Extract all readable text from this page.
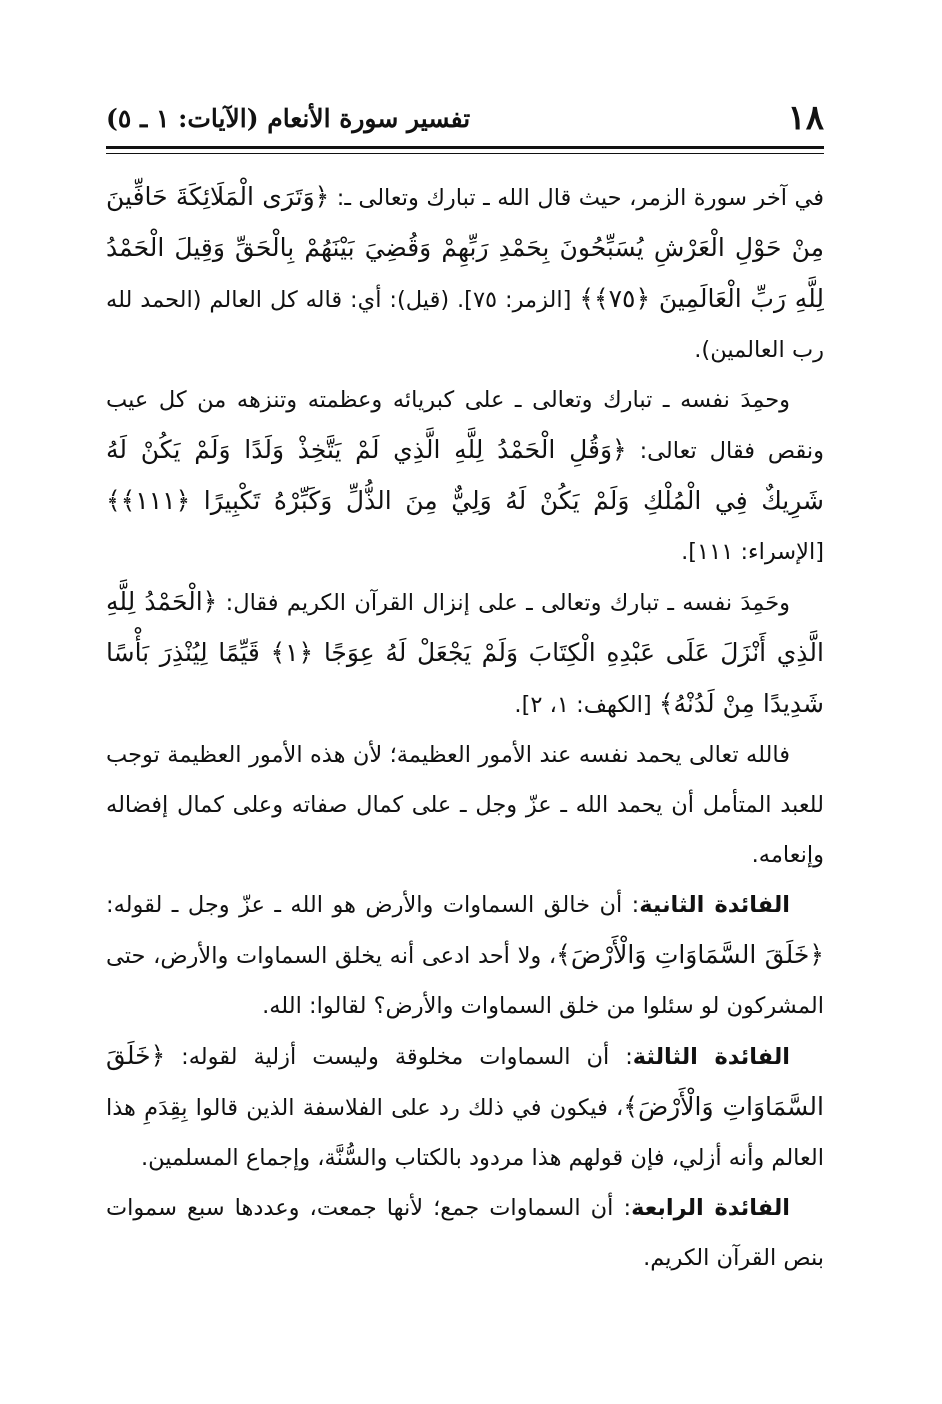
١٨
تفسير سورة الأنعام (الآيات: ١ ـ ٥)

في آخر سورة الزمر، حيث قال الله ـ تبارك وتعالى ـ: ﴿وَتَرَى الْمَلَائِكَةَ حَافِّينَ مِنْ حَوْلِ الْعَرْشِ يُسَبِّحُونَ بِحَمْدِ رَبِّهِمْ وَقُضِيَ بَيْنَهُمْ بِالْحَقِّ وَقِيلَ الْحَمْدُ لِلَّهِ رَبِّ الْعَالَمِينَ ﴿٧٥﴾﴾ [الزمر: ٧٥]. (قيل): أي: قاله كل العالم (الحمد لله رب العالمين).

وحمِدَ نفسه ـ تبارك وتعالى ـ على كبريائه وعظمته وتنزهه من كل عيب ونقص فقال تعالى: ﴿وَقُلِ الْحَمْدُ لِلَّهِ الَّذِي لَمْ يَتَّخِذْ وَلَدًا وَلَمْ يَكُنْ لَهُ شَرِيكٌ فِي الْمُلْكِ وَلَمْ يَكُنْ لَهُ وَلِيٌّ مِنَ الذُّلِّ وَكَبِّرْهُ تَكْبِيرًا ﴿١١١﴾﴾ [الإسراء: ١١١].

وحَمِدَ نفسه ـ تبارك وتعالى ـ على إنزال القرآن الكريم فقال: ﴿الْحَمْدُ لِلَّهِ الَّذِي أَنْزَلَ عَلَى عَبْدِهِ الْكِتَابَ وَلَمْ يَجْعَلْ لَهُ عِوَجًا ﴿١﴾ قَيِّمًا لِيُنْذِرَ بَأْسًا شَدِيدًا مِنْ لَدُنْهُ﴾ [الكهف: ١، ٢].

فالله تعالى يحمد نفسه عند الأمور العظيمة؛ لأن هذه الأمور العظيمة توجب للعبد المتأمل أن يحمد الله ـ عزّ وجل ـ على كمال صفاته وعلى كمال إفضاله وإنعامه.

الفائدة الثانية: أن خالق السماوات والأرض هو الله ـ عزّ وجل ـ لقوله: ﴿خَلَقَ السَّمَاوَاتِ وَالْأَرْضَ﴾، ولا أحد ادعى أنه يخلق السماوات والأرض، حتى المشركون لو سئلوا من خلق السماوات والأرض؟ لقالوا: الله.

الفائدة الثالثة: أن السماوات مخلوقة وليست أزلية لقوله: ﴿خَلَقَ السَّمَاوَاتِ وَالْأَرْضَ﴾، فيكون في ذلك رد على الفلاسفة الذين قالوا بِقِدَمِ هذا العالم وأنه أزلي، فإن قولهم هذا مردود بالكتاب والسُّنَّة، وإجماع المسلمين.

الفائدة الرابعة: أن السماوات جمع؛ لأنها جمعت، وعددها سبع سموات بنص القرآن الكريم.
